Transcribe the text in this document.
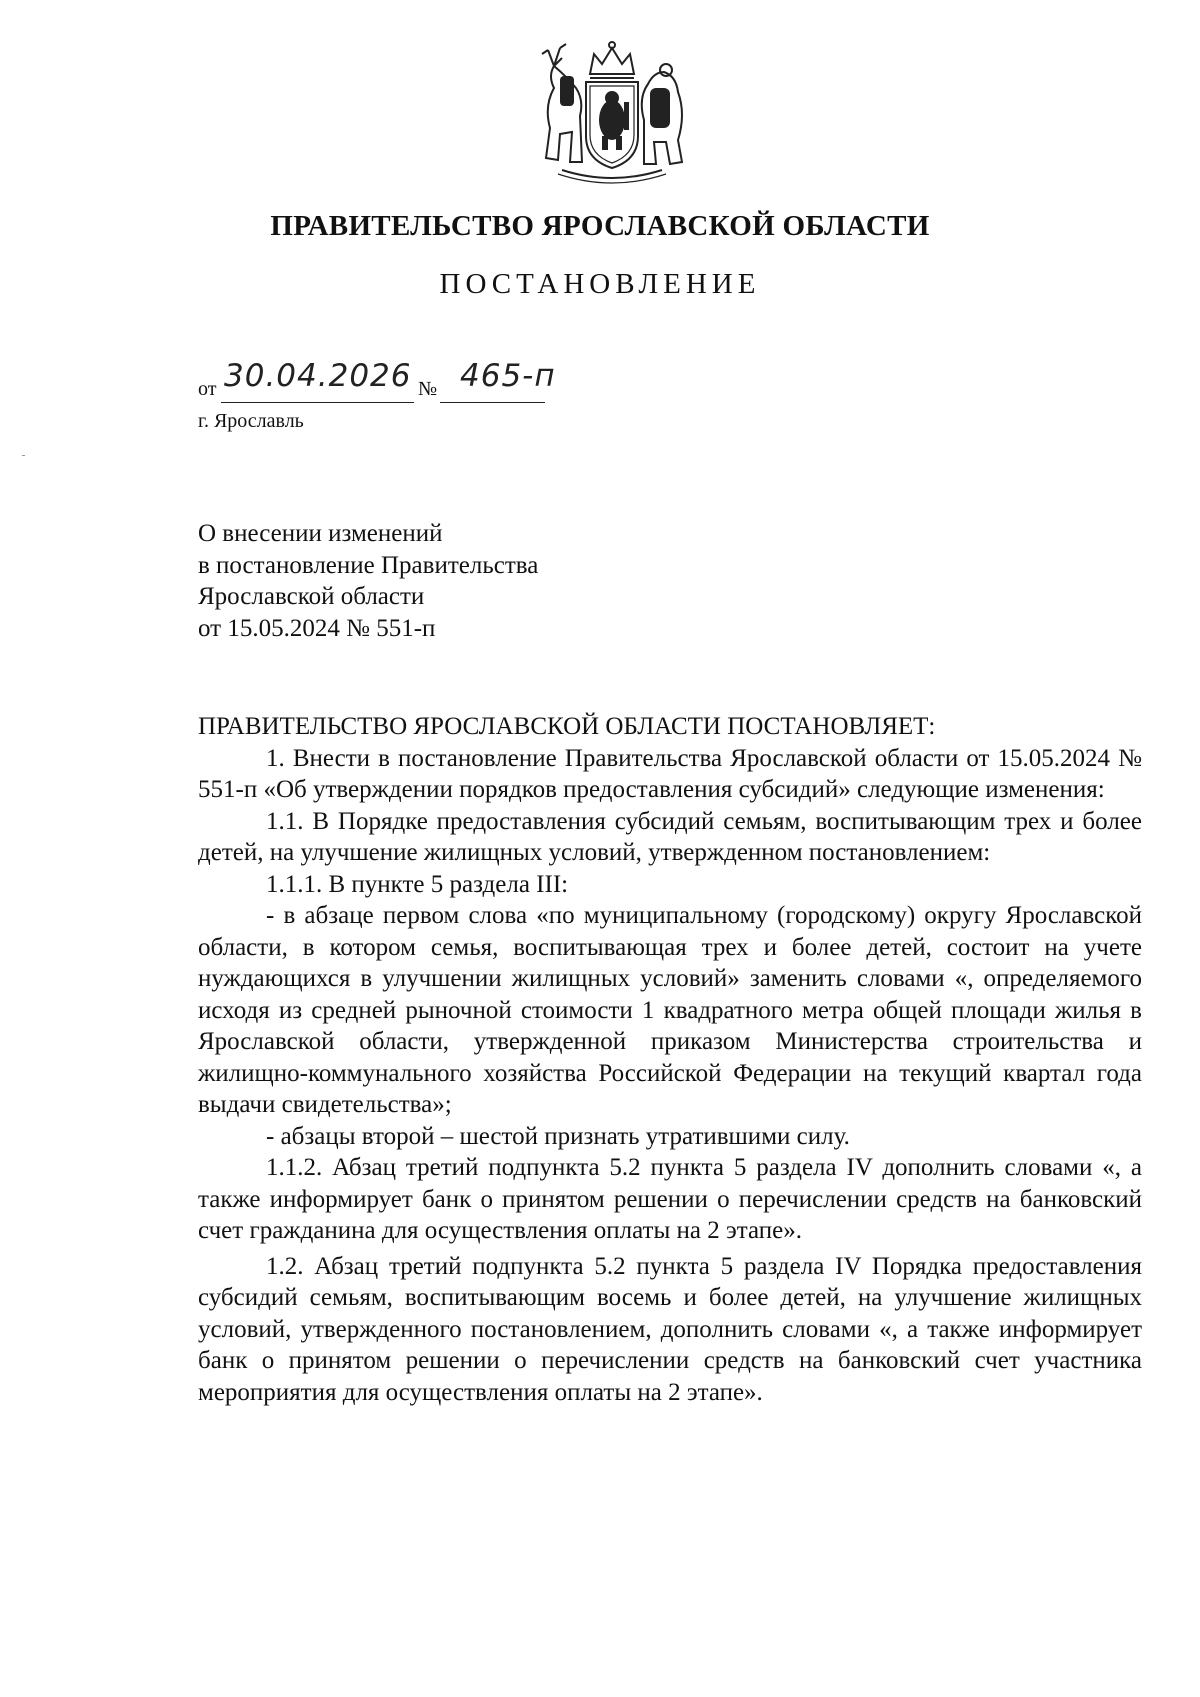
ПРАВИТЕЛЬСТВО ЯРОСЛАВСКОЙ ОБЛАСТИ
ПОСТАНОВЛЕНИЕ
от 30.04.2026 № 465-п
г. Ярославль
О внесении изменений
в постановление Правительства
Ярославской области
от 15.05.2024 № 551-п

ПРАВИТЕЛЬСТВО ЯРОСЛАВСКОЙ ОБЛАСТИ ПОСТАНОВЛЯЕТ:

1. Внести в постановление Правительства Ярославской области от 15.05.2024 № 551-п «Об утверждении порядков предоставления субсидий» следующие изменения:

1.1. В Порядке предоставления субсидий семьям, воспитывающим трех и более детей, на улучшение жилищных условий, утвержденном постановлением:

1.1.1. В пункте 5 раздела III:

- в абзаце первом слова «по муниципальному (городскому) округу Ярославской области, в котором семья, воспитывающая трех и более детей, состоит на учете нуждающихся в улучшении жилищных условий» заменить словами «, определяемого исходя из средней рыночной стоимости 1 квадратного метра общей площади жилья в Ярославской области, утвержденной приказом Министерства строительства и жилищно-коммунального хозяйства Российской Федерации на текущий квартал года выдачи свидетельства»;

- абзацы второй – шестой признать утратившими силу.

1.1.2. Абзац третий подпункта 5.2 пункта 5 раздела IV дополнить словами «, а также информирует банк о принятом решении о перечислении средств на банковский счет гражданина для осуществления оплаты на 2 этапе».

1.2. Абзац третий подпункта 5.2 пункта 5 раздела IV Порядка предоставления субсидий семьям, воспитывающим восемь и более детей, на улучшение жилищных условий, утвержденного постановлением, дополнить словами «, а также информирует банк о принятом решении о перечислении средств на банковский счет участника мероприятия для осуществления оплаты на 2 этапе».
